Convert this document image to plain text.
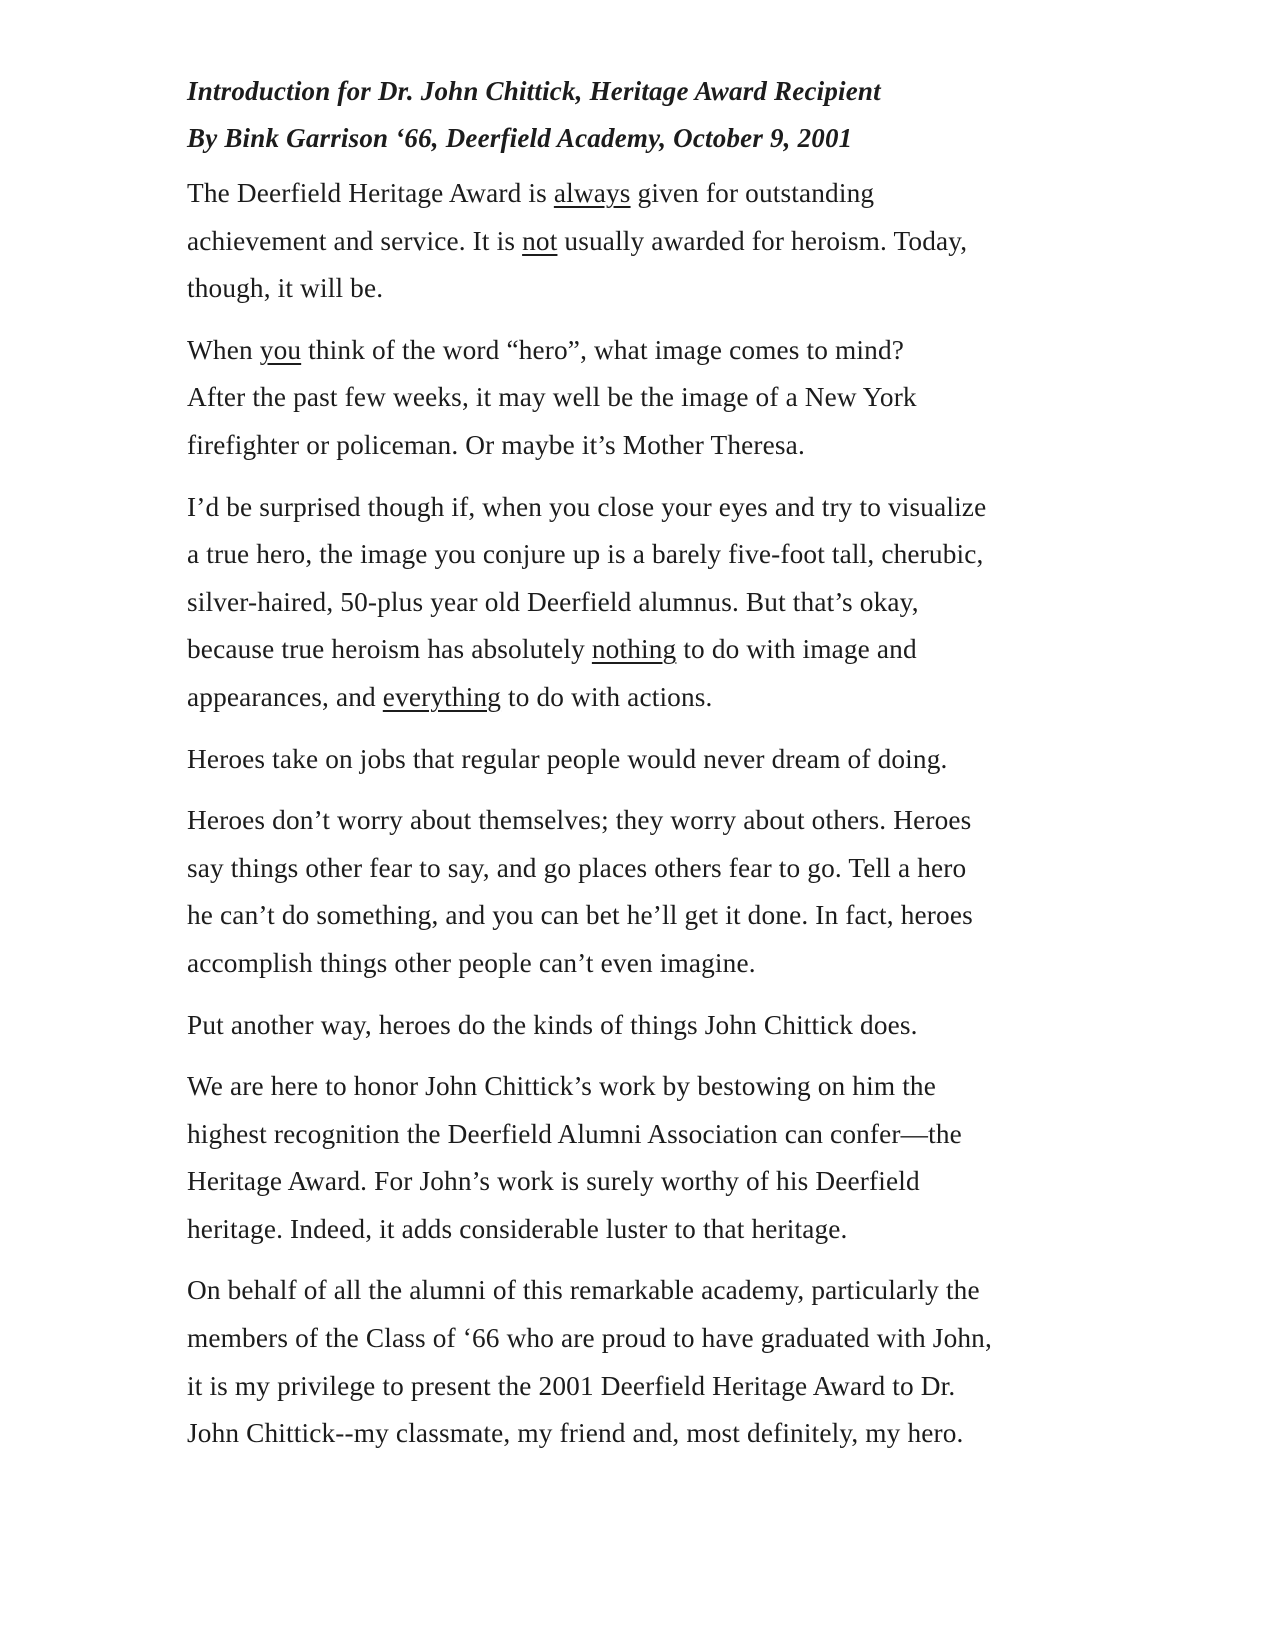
Introduction for Dr. John Chittick, Heritage Award Recipient

By Bink Garrison ‘66, Deerfield Academy, October 9, 2001

The Deerfield Heritage Award is always given for outstanding
achievement and service. It is not usually awarded for heroism. Today,
though, it will be.

When you think of the word “hero”, what image comes to mind?
After the past few weeks, it may well be the image of a New York
firefighter or policeman. Or maybe it’s Mother Theresa.

I’d be surprised though if, when you close your eyes and try to visualize
a true hero, the image you conjure up is a barely five-foot tall, cherubic,
silver-haired, 50-plus year old Deerfield alumnus. But that’s okay,
because true heroism has absolutely nothing to do with image and
appearances, and everything to do with actions.

Heroes take on jobs that regular people would never dream of doing.

Heroes don’t worry about themselves; they worry about others. Heroes
say things other fear to say, and go places others fear to go. Tell a hero
he can’t do something, and you can bet he’ll get it done. In fact, heroes
accomplish things other people can’t even imagine.

Put another way, heroes do the kinds of things John Chittick does.

We are here to honor John Chittick’s work by bestowing on him the
highest recognition the Deerfield Alumni Association can confer—the
Heritage Award. For John’s work is surely worthy of his Deerfield
heritage. Indeed, it adds considerable luster to that heritage.

On behalf of all the alumni of this remarkable academy, particularly the
members of the Class of ‘66 who are proud to have graduated with John,
it is my privilege to present the 2001 Deerfield Heritage Award to Dr.
John Chittick--my classmate, my friend and, most definitely, my hero.
